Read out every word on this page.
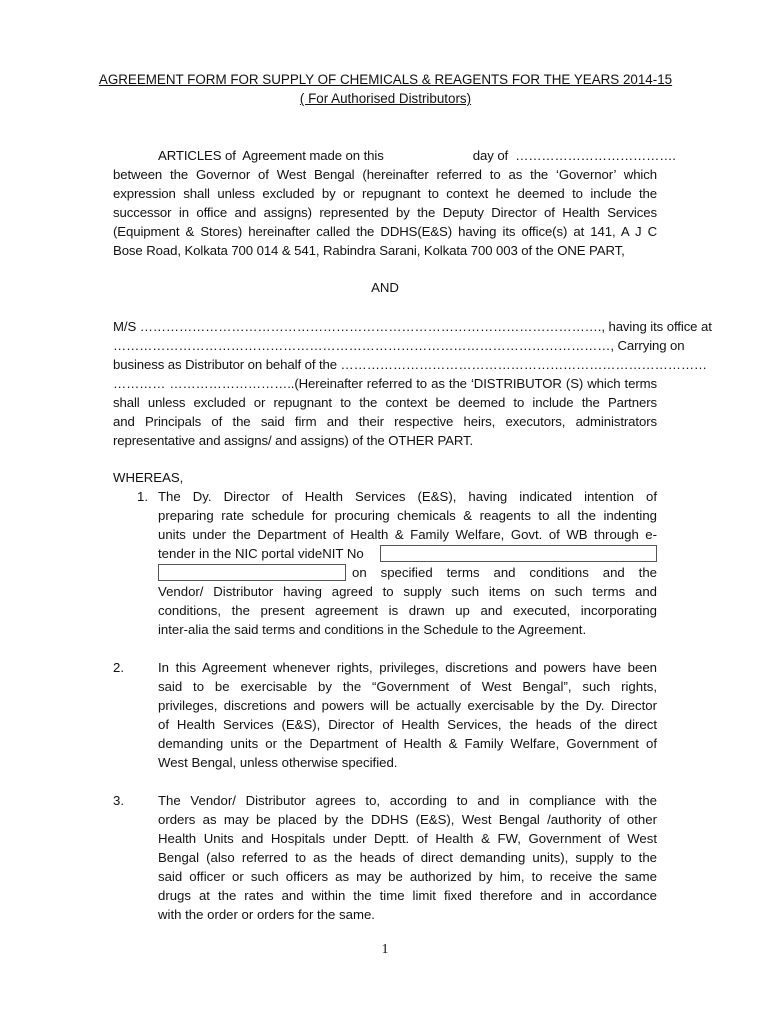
AGREEMENT FORM FOR SUPPLY OF CHEMICALS & REAGENTS FOR THE YEARS 2014-15
( For Authorised Distributors)
ARTICLES of  Agreement made on this                         day of  ……………………………….
between the Governor of West Bengal (hereinafter referred to as the ‘Governor’ which
expression shall unless excluded by or repugnant to context he deemed to include the
successor in office and assigns) represented by the Deputy Director of Health Services
(Equipment & Stores) hereinafter called the DDHS(E&S) having its office(s) at 141, A J C
Bose Road, Kolkata 700 014 & 541, Rabindra Sarani, Kolkata 700 003 of the ONE PART,
AND
M/S ……………………………………………………………………………………………., having its office at
……………………………………………………………………………………………………, Carrying on
business as Distributor on behalf of the …………………………………………………………………………
………… ………………………..(Hereinafter referred to as the ‘DISTRIBUTOR (S) which terms
shall unless excluded or repugnant to the context be deemed to include the Partners
and Principals of the said firm and their respective heirs, executors, administrators
representative and assigns/ and assigns) of the OTHER PART.
WHEREAS,
1. The Dy. Director of Health Services (E&S), having indicated intention of
preparing rate schedule for procuring chemicals & reagents to all the indenting
units under the Department of Health & Family Welfare, Govt. of WB through e-
tender in the NIC portal videNIT No
on specified terms and conditions and the
Vendor/ Distributor having agreed to supply such items on such terms and
conditions, the present agreement is drawn up and executed, incorporating
inter-alia the said terms and conditions in the Schedule to the Agreement.
2.	In this Agreement whenever rights, privileges, discretions and powers have been
said to be exercisable by the “Government of West Bengal”, such rights,
privileges, discretions and powers will be actually exercisable by the Dy. Director
of Health Services (E&S), Director of Health Services, the heads of the direct
demanding units or the Department of Health & Family Welfare, Government of
West Bengal, unless otherwise specified.
3.	The Vendor/ Distributor agrees to, according to and in compliance with the
orders as may be placed by the DDHS (E&S), West Bengal /authority of other
Health Units and Hospitals under Deptt. of Health & FW, Government of West
Bengal (also referred to as the heads of direct demanding units), supply to the
said officer or such officers as may be authorized by him, to receive the same
drugs at the rates and within the time limit fixed therefore and in accordance
with the order or orders for the same.
1
